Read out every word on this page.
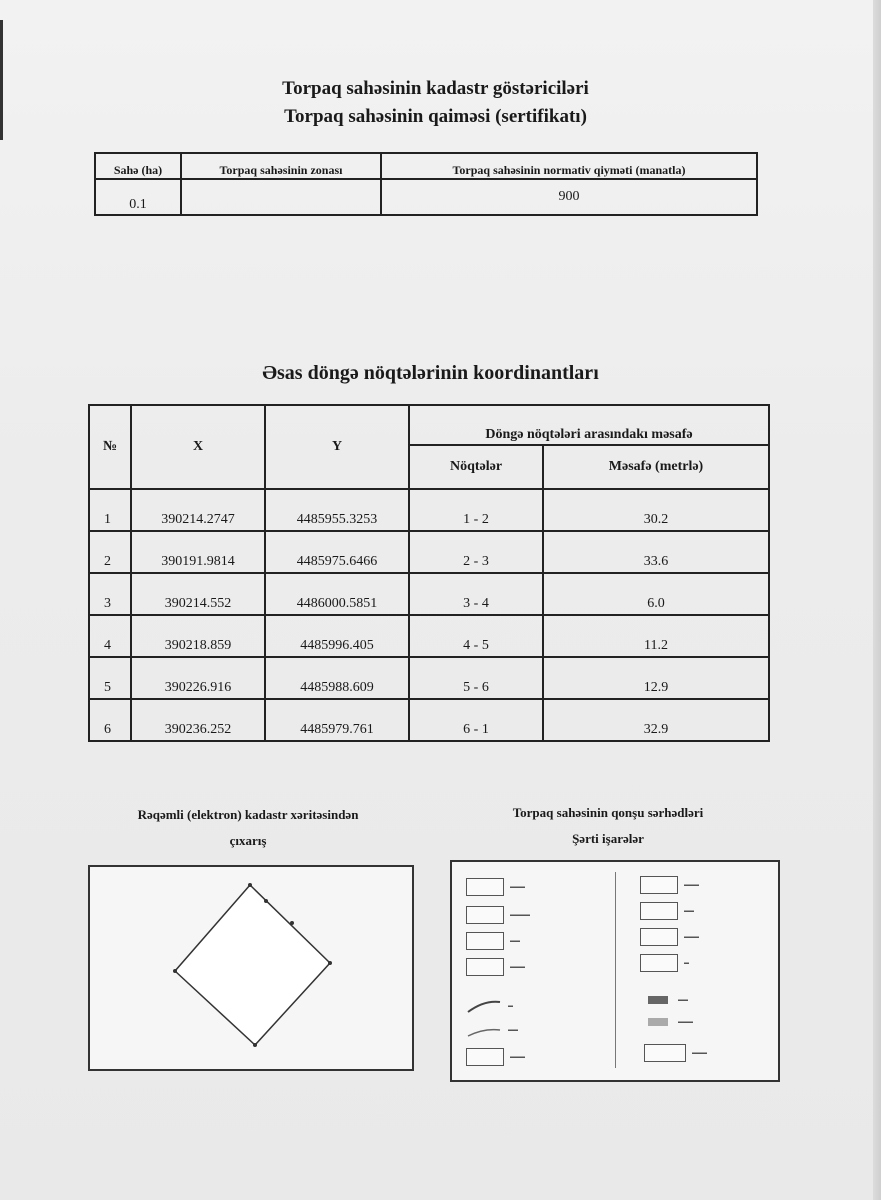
Torpaq sahəsinin kadastr göstəriciləri
Torpaq sahəsinin qaiməsi (sertifikatı)
Sahə (ha)	Torpaq sahəsinin zonası	Torpaq sahəsinin normativ qiyməti (manatla)
0.1		900
Əsas döngə nöqtələrinin koordinantları
№	X	Y	Döngə nöqtələri arasındakı məsafə	
			Nöqtələr	Məsafə (metrlə)
1	390214.2747	4485955.3253	1 - 2	30.2
2	390191.9814	4485975.6466	2 - 3	33.6
3	390214.552	4486000.5851	3 - 4	6.0
4	390218.859	4485996.405	4 - 5	11.2
5	390226.916	4485988.609	5 - 6	12.9
6	390236.252	4485979.761	6 - 1	32.9
Rəqəmli (elektron) kadastr xəritəsindən
çıxarış
Torpaq sahəsinin qonşu sərhədləri
Şərti işarələr
▬▬▬
▬▬▬▬
▬▬
▬▬▬
▬
▬▬
▬▬▬
▬▬▬
▬▬
▬▬▬
▬
▬▬
▬▬▬
▬▬▬
